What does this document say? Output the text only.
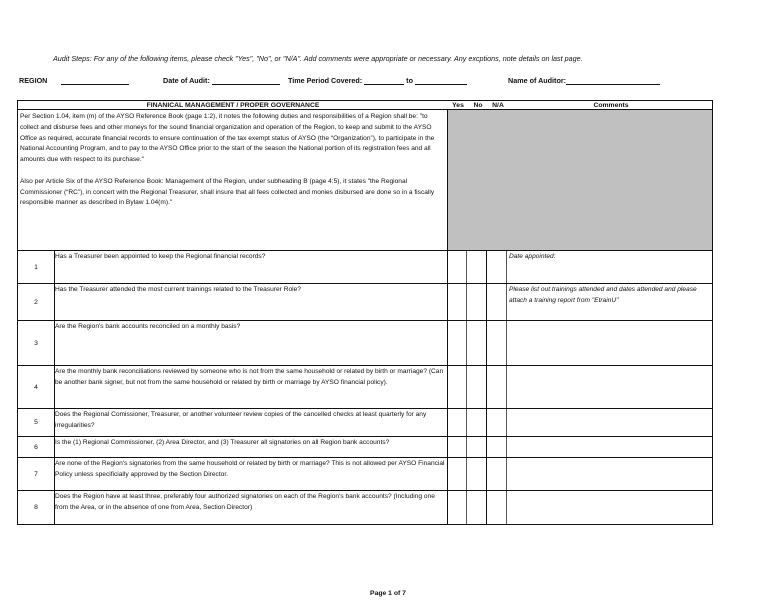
Audit Steps: For any of the following items, please check "Yes", "No", or "N/A". Add comments were appropriate or necessary. Any excptions, note details on last page.
REGION	Date of Audit:	Time Period Covered:	to	Name of Auditor:
FINANICAL MANAGEMENT / PROPER GOVERNANCE	Yes	No	N/A	Comments

Per Section 1.04, item (m) of the AYSO Reference Book (page 1:2), it notes the following duties and responsibilities of a Region shall be: "to collect and disburse fees and other moneys for the sound financial organization and operation of the Region, to keep and submit to the AYSO Office as required, accurate financial records to ensure continuation of the tax exempt status of AYSO (the “Organization”), to participate in the National Accounting Program, and to pay to the AYSO Office prior to the start of the season the National portion of its registration fees and all amounts due with respect to its purchase."

Also per Article Six of the AYSO Reference Book: Management of the Region, under subheading B (page 4:5), it states "the Regional Commissioner (“RC”), in concert with the Regional Treasurer, shall insure that all fees collected and monies disbursed are done so in a fiscally responsible manner as described in Bylaw 1.04(m)."

1
Has a Treasurer been appointed to keep the Regional financial records?	Date appointed:
2
Has the Treasurer attended the most current trainings related to the Treasurer Role?	Please list out trainings attended and dates attended and please attach a training report from "EtrainU"
3
Are the Region's bank accounts reconciled on a monthly basis?
4
Are the monthly bank reconciliations reviewed by someone who is not from the same household or related by birth or marriage? (Can be another bank signer, but not from the same household or related by birth or marriage by AYSO financial policy).
5
Does the Regional Comissioner, Treasurer, or another volunteer review copies of the cancelled checks at least quarterly for any irregularities?
6
Is the (1) Regional Commissioner, (2) Area Director, and (3) Treasurer all signatories on all Region bank accounts?
7
Are none of the Region's signatories from the same household or related by birth or marriage? This is not allowed per AYSO Financial Policy unless specificially approved by the Section Director.
8
Does the Region have at least three, preferably four authorized signatories on each of the Region's bank accounts? (Including one from the Area, or in the absence of one from Area, Section Director)
Page 1 of 7
